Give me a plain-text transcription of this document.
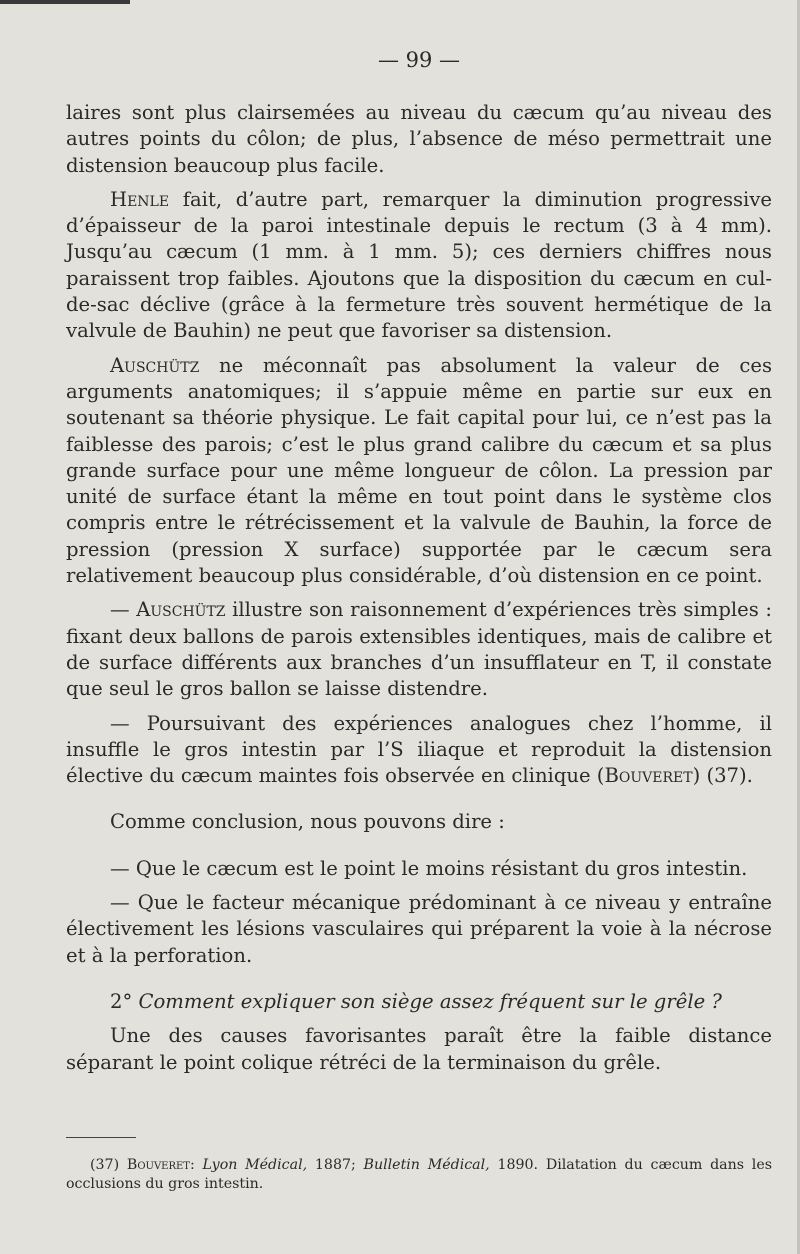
— 99 —

laires sont plus clairsemées au niveau du cæcum qu’au niveau des autres points du côlon; de plus, l’absence de méso permettrait une distension beaucoup plus facile.

Henle fait, d’autre part, remarquer la diminution progressive d’épaisseur de la paroi intestinale depuis le rectum (3 à 4 mm). Jusqu’au cæcum (1 mm. à 1 mm. 5); ces derniers chiffres nous paraissent trop faibles. Ajoutons que la disposition du cæcum en cul-de-sac déclive (grâce à la fermeture très souvent hermétique de la valvule de Bauhin) ne peut que favoriser sa distension.

Auschütz ne méconnaît pas absolument la valeur de ces arguments anatomiques; il s’appuie même en partie sur eux en soutenant sa théorie physique. Le fait capital pour lui, ce n’est pas la faiblesse des parois; c’est le plus grand calibre du cæcum et sa plus grande surface pour une même longueur de côlon. La pression par unité de surface étant la même en tout point dans le système clos compris entre le rétrécissement et la valvule de Bauhin, la force de pression (pression X surface) supportée par le cæcum sera relativement beaucoup plus considérable, d’où distension en ce point.

— Auschütz illustre son raisonnement d’expériences très simples : fixant deux ballons de parois extensibles identiques, mais de calibre et de surface différents aux branches d’un insufflateur en T, il constate que seul le gros ballon se laisse distendre.

— Poursuivant des expériences analogues chez l’homme, il insuffle le gros intestin par l’S iliaque et reproduit la distension élective du cæcum maintes fois observée en clinique (Bouveret) (37).

Comme conclusion, nous pouvons dire :

— Que le cæcum est le point le moins résistant du gros intestin.

— Que le facteur mécanique prédominant à ce niveau y entraîne électivement les lésions vasculaires qui préparent la voie à la nécrose et à la perforation.

2° Comment expliquer son siège assez fréquent sur le grêle ?

Une des causes favorisantes paraît être la faible distance séparant le point colique rétréci de la terminaison du grêle.

(37) Bouveret: Lyon Médical, 1887; Bulletin Médical, 1890. Dilatation du cæcum dans les occlusions du gros intestin.
